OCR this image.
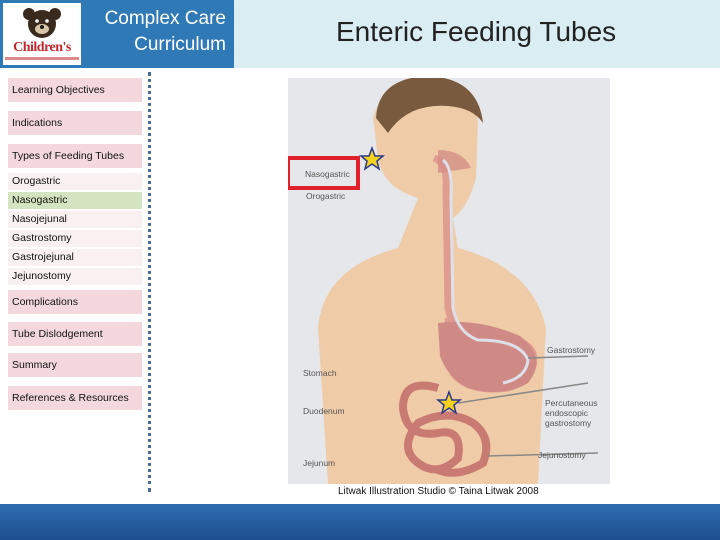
Children's
Complex Care
Curriculum	Enteric Feeding Tubes
Learning Objectives
Indications
Types of Feeding Tubes
Orogastric
Nasogastric
Nasojejunal
Gastrostomy
Gastrojejunal
Jejunostomy
Complications
Tube Dislodgement
Summary
References & Resources
Nasogastric
Orogastric
Gastrostomy
Stomach
Duodenum
Percutaneous
endoscopic
gastrostomy
Jejunostomy
Jejunum
Litwak Illustration Studio © Taina Litwak 2008
